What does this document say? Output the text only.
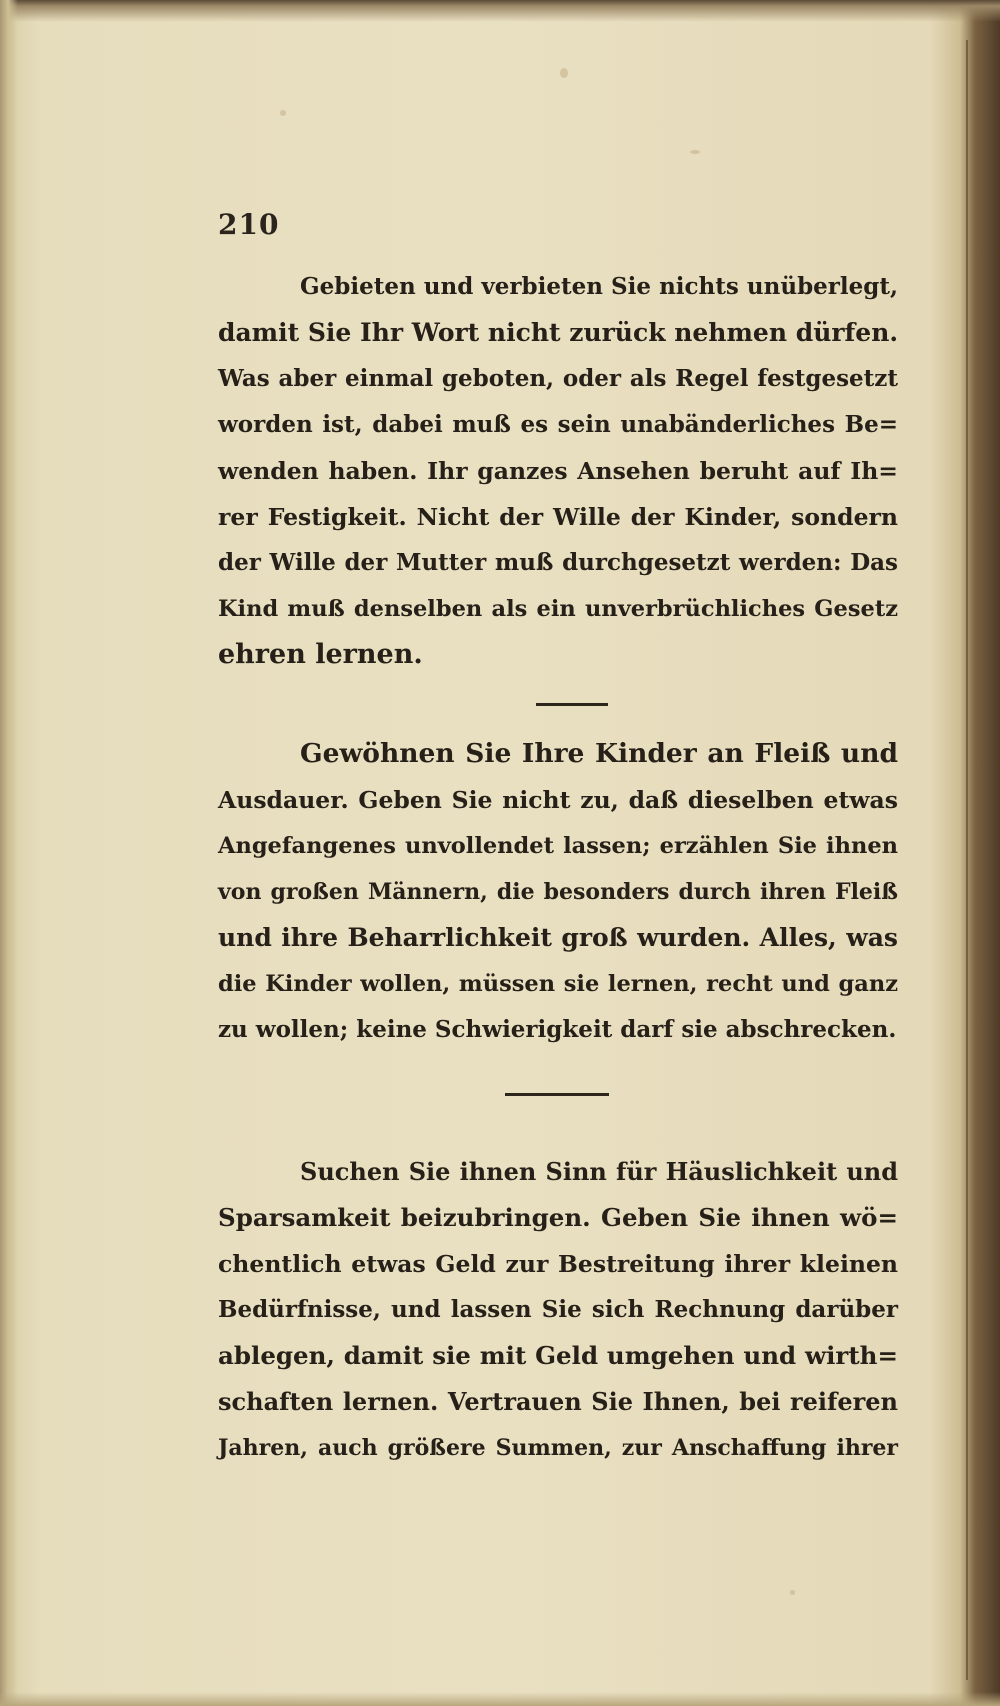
210
Gebieten und verbieten Sie nichts unüberlegt,
damit Sie Ihr Wort nicht zurück nehmen dürfen.
Was aber einmal geboten, oder als Regel festgesetzt
worden ist, dabei muß es sein unabänderliches Be=
wenden haben. Ihr ganzes Ansehen beruht auf Ih=
rer Festigkeit. Nicht der Wille der Kinder, sondern
der Wille der Mutter muß durchgesetzt werden: Das
Kind muß denselben als ein unverbrüchliches Gesetz
ehren lernen.
Gewöhnen Sie Ihre Kinder an Fleiß und
Ausdauer. Geben Sie nicht zu, daß dieselben etwas
Angefangenes unvollendet lassen; erzählen Sie ihnen
von großen Männern, die besonders durch ihren Fleiß
und ihre Beharrlichkeit groß wurden. Alles, was
die Kinder wollen, müssen sie lernen, recht und ganz
zu wollen; keine Schwierigkeit darf sie abschrecken.
Suchen Sie ihnen Sinn für Häuslichkeit und
Sparsamkeit beizubringen. Geben Sie ihnen wö=
chentlich etwas Geld zur Bestreitung ihrer kleinen
Bedürfnisse, und lassen Sie sich Rechnung darüber
ablegen, damit sie mit Geld umgehen und wirth=
schaften lernen. Vertrauen Sie Ihnen, bei reiferen
Jahren, auch größere Summen, zur Anschaffung ihrer
